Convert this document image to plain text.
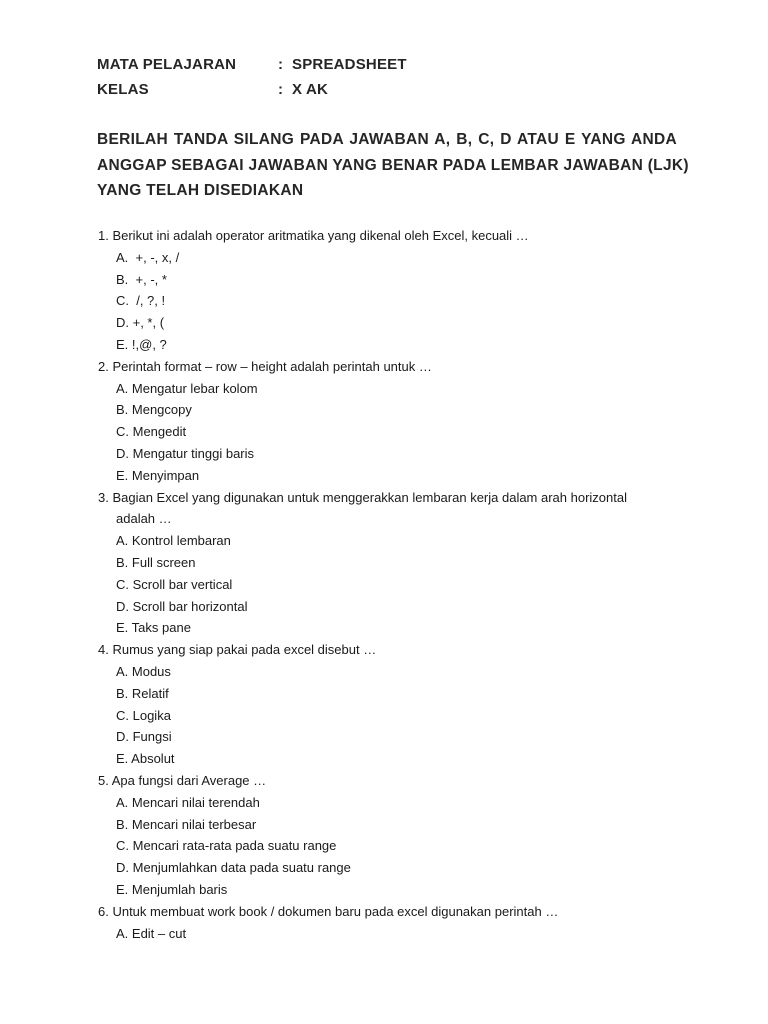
MATA PELAJARAN	: SPREADSHEET
KELAS	: X AK
BERILAH TANDA SILANG PADA JAWABAN A, B, C, D ATAU E YANG ANDA
ANGGAP SEBAGAI JAWABAN YANG BENAR PADA LEMBAR JAWABAN (LJK)
YANG TELAH DISEDIAKAN
1. Berikut ini adalah operator aritmatika yang dikenal oleh Excel, kecuali …
A.  +, -, x, /
B.  +, -, *
C.  /, ?, !
D. +, *, (
E. !,@, ?
2. Perintah format – row – height adalah perintah untuk …
A. Mengatur lebar kolom
B. Mengcopy
C. Mengedit
D. Mengatur tinggi baris
E. Menyimpan
3. Bagian Excel yang digunakan untuk menggerakkan lembaran kerja dalam arah horizontal
adalah …
A. Kontrol lembaran
B. Full screen
C. Scroll bar vertical
D. Scroll bar horizontal
E. Taks pane
4. Rumus yang siap pakai pada excel disebut …
A. Modus
B. Relatif
C. Logika
D. Fungsi
E. Absolut
5. Apa fungsi dari Average …
A. Mencari nilai terendah
B. Mencari nilai terbesar
C. Mencari rata-rata pada suatu range
D. Menjumlahkan data pada suatu range
E. Menjumlah baris
6. Untuk membuat work book / dokumen baru pada excel digunakan perintah …
A. Edit – cut
